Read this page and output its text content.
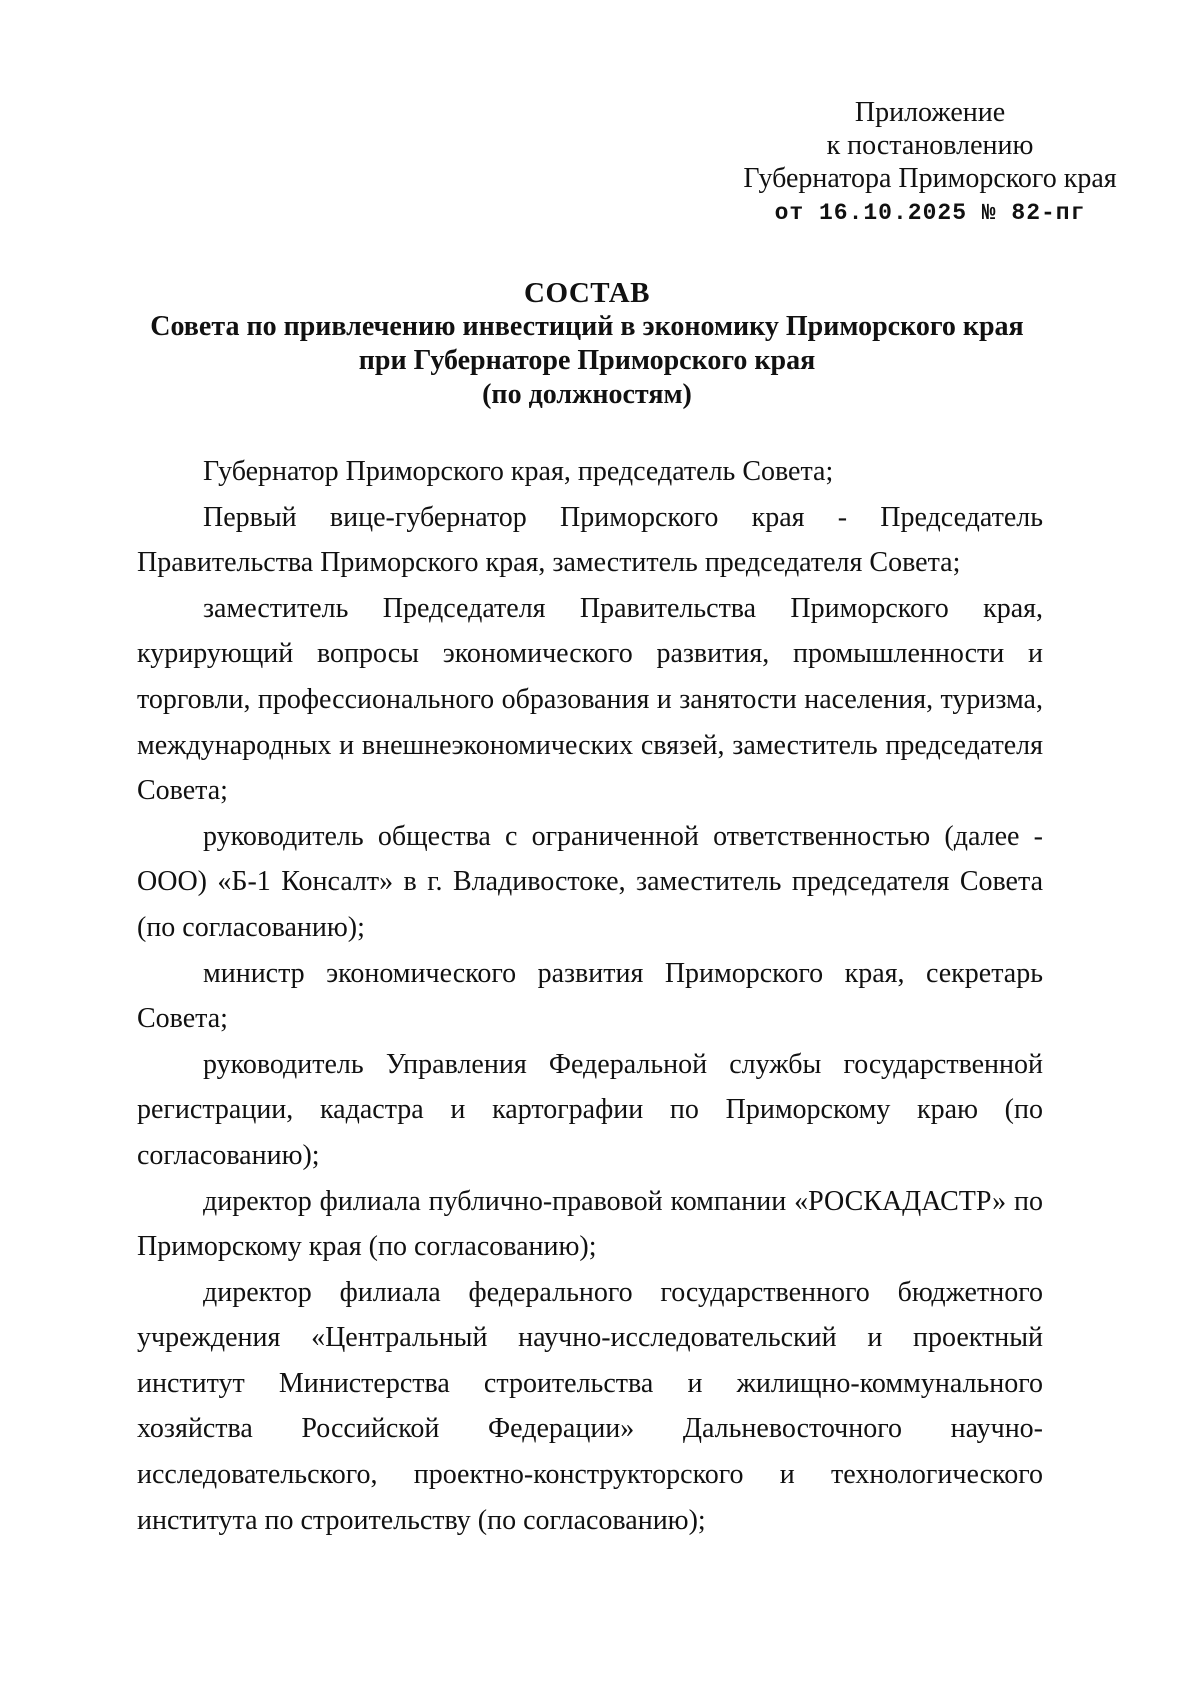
Приложение
к постановлению
Губернатора Приморского края
от 16.10.2025 № 82-пг
СОСТАВ
Совета по привлечению инвестиций в экономику Приморского края
при Губернаторе Приморского края
(по должностям)

Губернатор Приморского края, председатель Совета;

Первый вице-губернатор Приморского края - Председатель Правительства Приморского края, заместитель председателя Совета;

заместитель Председателя Правительства Приморского края, курирующий вопросы экономического развития, промышленности и торговли, профессионального образования и занятости населения, туризма, международных и внешнеэкономических связей, заместитель председателя Совета;

руководитель общества с ограниченной ответственностью (далее - ООО) «Б-1 Консалт» в г. Владивостоке, заместитель председателя Совета (по согласованию);

министр экономического развития Приморского края, секретарь Совета;

руководитель Управления Федеральной службы государственной регистрации, кадастра и картографии по Приморскому краю (по согласованию);

директор филиала публично-правовой компании «РОСКАДАСТР» по Приморскому края (по согласованию);

директор филиала федерального государственного бюджетного учреждения «Центральный научно-исследовательский и проектный институт Министерства строительства и жилищно-коммунального хозяйства Российской Федерации» Дальневосточного научно-исследовательского, проектно-конструкторского и технологического института по строительству (по согласованию);
